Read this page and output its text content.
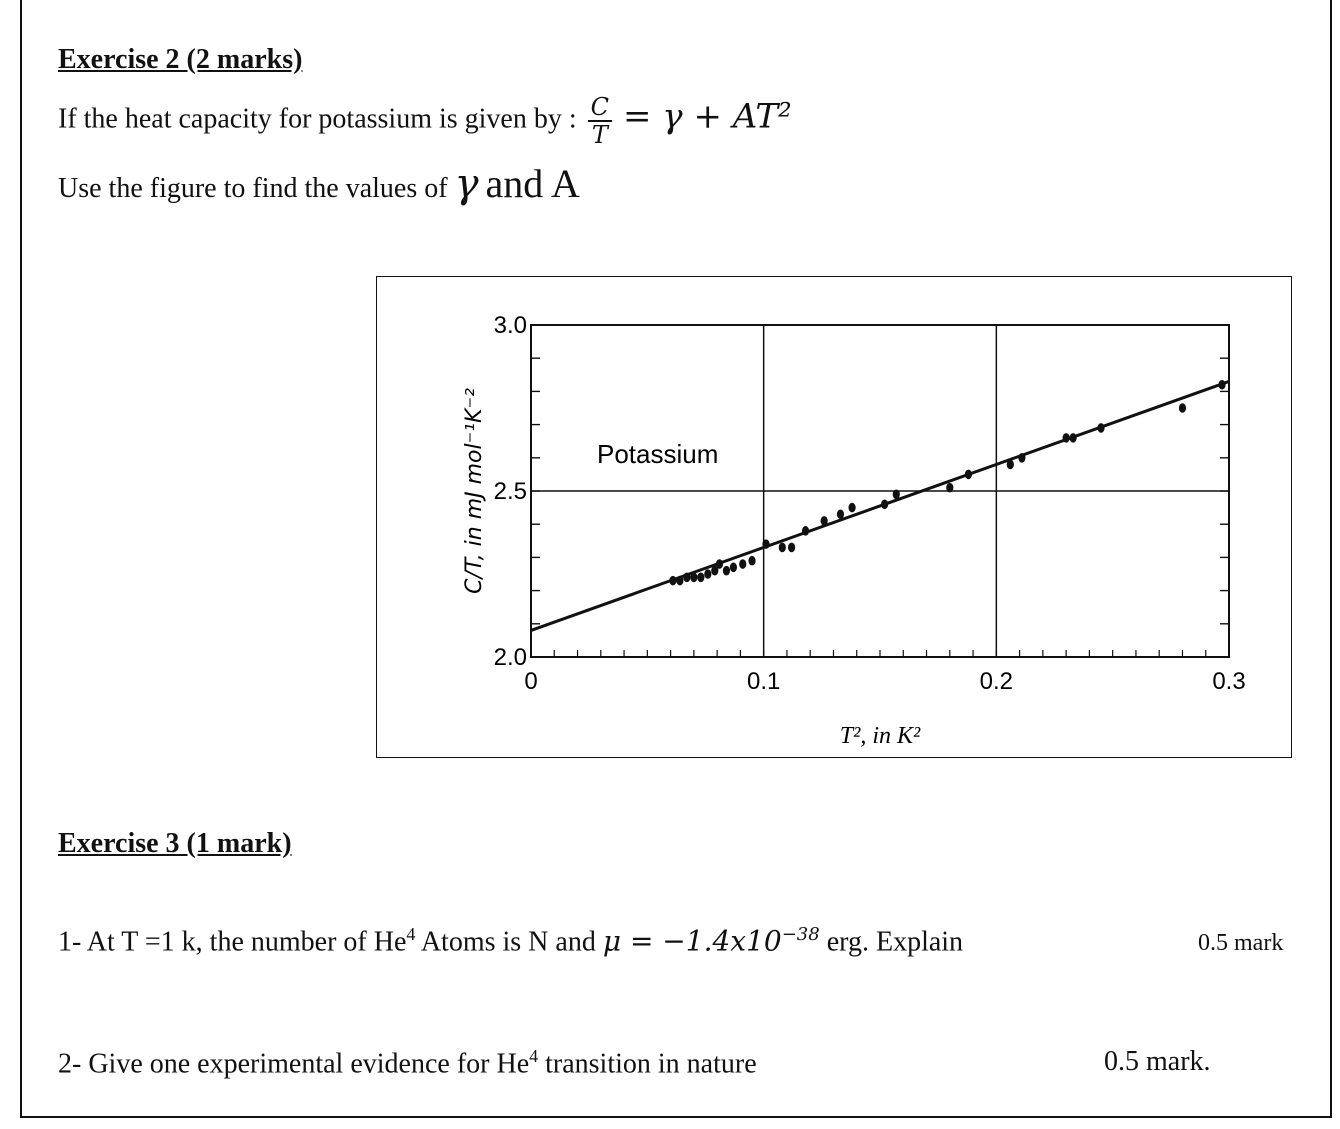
Exercise 2 (2 marks)
If the heat capacity for potassium is given by : $\frac{C}{T} = \gamma + AT^2$
Use the figure to find the values of γ and A
0	0.1	0.2	0.3
2.0
2.5
3.0
Potassium
T², in K²
C/T, in mJ mol⁻¹K⁻²
Exercise 3 (1 mark)
1- At T =1 k, the number of He$^4$ Atoms is N and $\mu = -1.4x10^{-38}$ erg. Explain	0.5 mark
2- Give one experimental evidence for He$^4$ transition in nature	0.5 mark.
